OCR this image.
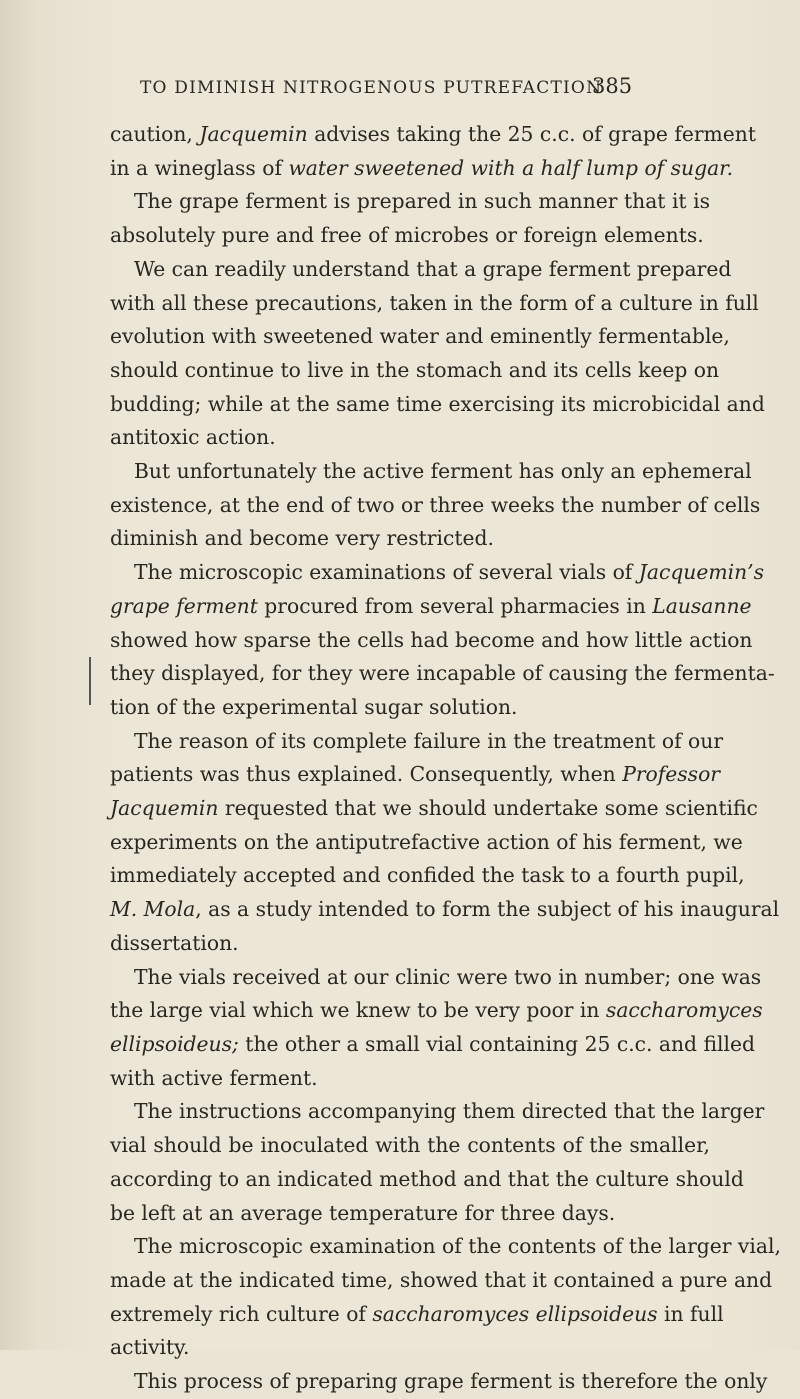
TO DIMINISH NITROGENOUS PUTREFACTION
385
caution, Jacquemin advises taking the 25 c.c. of grape ferment
in a wineglass of water sweetened with a half lump of sugar.
The grape ferment is prepared in such manner that it is
absolutely pure and free of microbes or foreign elements.
We can readily understand that a grape ferment prepared
with all these precautions, taken in the form of a culture in full
evolution with sweetened water and eminently fermentable,
should continue to live in the stomach and its cells keep on
budding; while at the same time exercising its microbicidal and
antitoxic action.
But unfortunately the active ferment has only an ephemeral
existence, at the end of two or three weeks the number of cells
diminish and become very restricted.
The microscopic examinations of several vials of Jacquemin’s
grape ferment procured from several pharmacies in Lausanne
showed how sparse the cells had become and how little action
they displayed, for they were incapable of causing the fermenta-
tion of the experimental sugar solution.
The reason of its complete failure in the treatment of our
patients was thus explained. Consequently, when Professor
Jacquemin requested that we should undertake some scientific
experiments on the antiputrefactive action of his ferment, we
immediately accepted and confided the task to a fourth pupil,
M. Mola, as a study intended to form the subject of his inaugural
dissertation.
The vials received at our clinic were two in number; one was
the large vial which we knew to be very poor in saccharomyces
ellipsoideus; the other a small vial containing 25 c.c. and filled
with active ferment.
The instructions accompanying them directed that the larger
vial should be inoculated with the contents of the smaller,
according to an indicated method and that the culture should
be left at an average temperature for three days.
The microscopic examination of the contents of the larger vial,
made at the indicated time, showed that it contained a pure and
extremely rich culture of saccharomyces ellipsoideus in full
activity.
This process of preparing grape ferment is therefore the only
